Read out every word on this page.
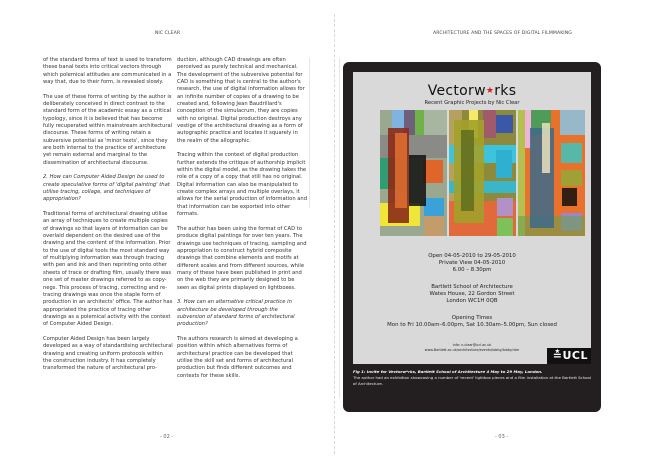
NIC CLEAR

of the standard forms of text is used to transform these banal texts into critical vectors through which polemical attitudes are communicated in a way that, due to their form, is revealed slowly.

The use of these forms of writing by the author is deliberately conceived in direct contrast to the standard form of the academic essay as a critical typology, since it is believed that has become fully recuperated within mainstream architectural discourse. These forms of writing retain a subversive potential as 'minor texts', since they are both internal to the practice of architecture yet remain external and marginal to the dissemination of architectural discourse.

2. How can Computer Aided Design be used to create speculative forms of 'digital painting' that utilise tracing, collage, and techniques of appropriation?

Traditional forms of architectural drawing utilise an array of techniques to create multiple copies of drawings so that layers of information can be overlaid dependent on the desired use of the drawing and the content of the information. Prior to the use of digital tools the most standard way of multiplying information was through tracing with pen and ink and then reprinting onto other sheets of trace or drafting film, usually there was one set of master drawings referred to as copy-negs. This process of tracing, correcting and re-tracing drawings was once the staple form of production in an architects' office. The author has appropriated the practice of tracing other drawings as a polemical activity with the context of Computer Aided Design.

Computer Aided Design has been largely developed as a way of standardising architectural drawing and creating uniform protocols within the construction industry. It has completely transformed the nature of architectural pro-

duction, although CAD drawings are often perceived as purely technical and mechanical. The development of the subversive potential for CAD is something that is central to the author's research, the use of digital information allows for an infinite number of copies of a drawing to be created and, following Jean Baudrillard's conception of the simulacrum, they are copies with no original. Digital production destroys any vestige of the architectural drawing as a form of autographic practice and locates it squarely in the realm of the allographic.

Tracing within the context of digital production further extends the critique of authorship implicit within the digital model, as the drawing takes the role of a copy of a copy that still has no original. Digital information can also be manipulated to create complex arrays and multiple overlays, it allows for the serial production of information and that information can be exported into other formats.

The author has been using the format of CAD to produce digital paintings for over ten years. The drawings use techniques of tracing, sampling and appropriation to construct hybrid composite drawings that combine elements and motifs at different scales and from different sources, while many of these have been published in print and on the web they are primarily designed to be seen as digital prints displayed on lightboxes.

3. How can an alternative critical practice in architecture be developed through the subversion of standard forms of architectural production?

The authors research is aimed at developing a position within which alternatives forms of architectural practice can be developed that utilise the skill set and forms of architectural production but finds different outcomes and contexts for these skills.

- 02 -
ARCHITECTURE AND THE SPACES OF DIGITAL FILMMAKING
Vectorw★rks
Recent Graphic Projects by Nic Clear
Open 04-05-2010 to 29-05-2010
Private View 04-05-2010
6.00 – 8.30pm
Bartlett School of Architecture
Wates House, 22 Gordon Street
London WC1H 0QB
Opening Times
Mon to Fri 10.00am–6.00pm, Sat 10.30am–5.00pm, Sun closed
info: n.clear@ucl.ac.uk
www.Bartlett.ac.uk/architecture/events/lobby/lobby.htm	≛UCL
Fig 1: Invite for Vectorw*rks, Bartlett School of Architecture 4 May to 29 May, London.
The author had an exhibition showcasing a number of 'recent' lightbox pieces and a film installation at the Bartlett School of Architecture.
- 03 -
